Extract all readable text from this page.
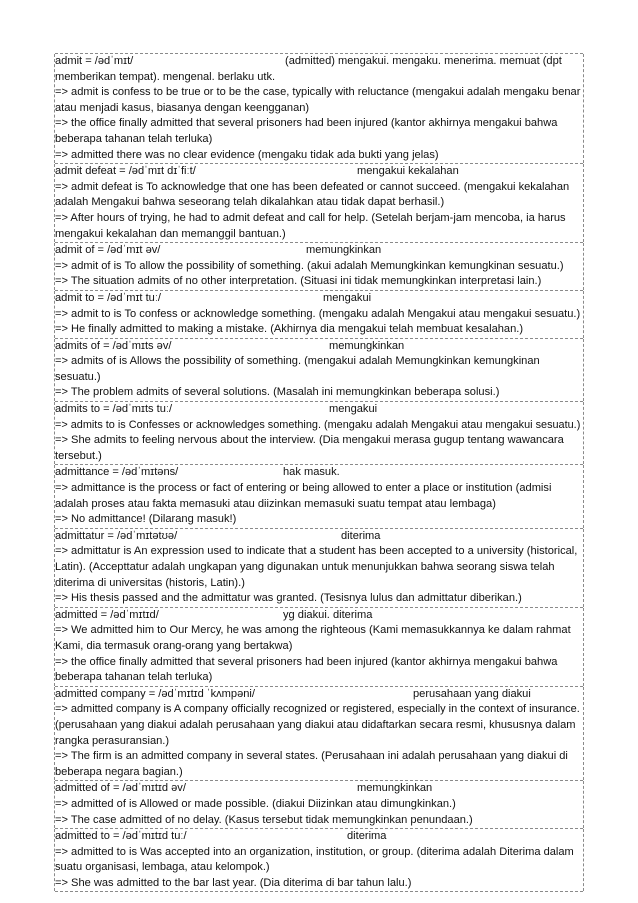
admit = /ədˈmɪt/	(admitted) mengakui. mengaku. menerima. memuat (dpt
memberikan tempat). mengenal. berlaku utk.
=> admit is confess to be true or to be the case, typically with reluctance (mengakui adalah mengaku benar
atau menjadi kasus, biasanya dengan keengganan)
=> the office finally admitted that several prisoners had been injured (kantor akhirnya mengakui bahwa
beberapa tahanan telah terluka)
=> admitted there was no clear evidence (mengaku tidak ada bukti yang jelas)
admit defeat = /ədˈmɪt dɪˈfiːt/	mengakui kekalahan
=> admit defeat is To acknowledge that one has been defeated or cannot succeed. (mengakui kekalahan
adalah Mengakui bahwa seseorang telah dikalahkan atau tidak dapat berhasil.)
=> After hours of trying, he had to admit defeat and call for help. (Setelah berjam-jam mencoba, ia harus
mengakui kekalahan dan memanggil bantuan.)
admit of = /ədˈmɪt əv/	memungkinkan
=> admit of is To allow the possibility of something. (akui adalah Memungkinkan kemungkinan sesuatu.)
=> The situation admits of no other interpretation. (Situasi ini tidak memungkinkan interpretasi lain.)
admit to = /ədˈmɪt tuː/	mengakui
=> admit to is To confess or acknowledge something. (mengaku adalah Mengakui atau mengakui sesuatu.)
=> He finally admitted to making a mistake. (Akhirnya dia mengakui telah membuat kesalahan.)
admits of = /ədˈmɪts əv/	memungkinkan
=> admits of is Allows the possibility of something. (mengakui adalah Memungkinkan kemungkinan
sesuatu.)
=> The problem admits of several solutions. (Masalah ini memungkinkan beberapa solusi.)
admits to = /ədˈmɪts tuː/	mengakui
=> admits to is Confesses or acknowledges something. (mengaku adalah Mengakui atau mengakui sesuatu.)
=> She admits to feeling nervous about the interview. (Dia mengakui merasa gugup tentang wawancara
tersebut.)
admittance = /ədˈmɪtəns/	hak masuk.
=> admittance is the process or fact of entering or being allowed to enter a place or institution (admisi
adalah proses atau fakta memasuki atau diizinkan memasuki suatu tempat atau lembaga)
=> No admittance! (Dilarang masuk!)
admittatur = /ədˈmɪtətʊə/	diterima
=> admittatur is An expression used to indicate that a student has been accepted to a university (historical,
Latin). (Accepttatur adalah ungkapan yang digunakan untuk menunjukkan bahwa seorang siswa telah
diterima di universitas (historis, Latin).)
=> His thesis passed and the admittatur was granted. (Tesisnya lulus dan admittatur diberikan.)
admitted = /ədˈmɪtɪd/	yg diakui. diterima
=> We admitted him to Our Mercy, he was among the righteous (Kami memasukkannya ke dalam rahmat
Kami, dia termasuk orang-orang yang bertakwa)
=> the office finally admitted that several prisoners had been injured (kantor akhirnya mengakui bahwa
beberapa tahanan telah terluka)
admitted company = /ədˈmɪtɪd ˈkʌmpəni/	perusahaan yang diakui
=> admitted company is A company officially recognized or registered, especially in the context of insurance.
(perusahaan yang diakui adalah perusahaan yang diakui atau didaftarkan secara resmi, khususnya dalam
rangka perasuransian.)
=> The firm is an admitted company in several states. (Perusahaan ini adalah perusahaan yang diakui di
beberapa negara bagian.)
admitted of = /ədˈmɪtɪd əv/	memungkinkan
=> admitted of is Allowed or made possible. (diakui Diizinkan atau dimungkinkan.)
=> The case admitted of no delay. (Kasus tersebut tidak memungkinkan penundaan.)
admitted to = /ədˈmɪtɪd tuː/	diterima
=> admitted to is Was accepted into an organization, institution, or group. (diterima adalah Diterima dalam
suatu organisasi, lembaga, atau kelompok.)
=> She was admitted to the bar last year. (Dia diterima di bar tahun lalu.)
